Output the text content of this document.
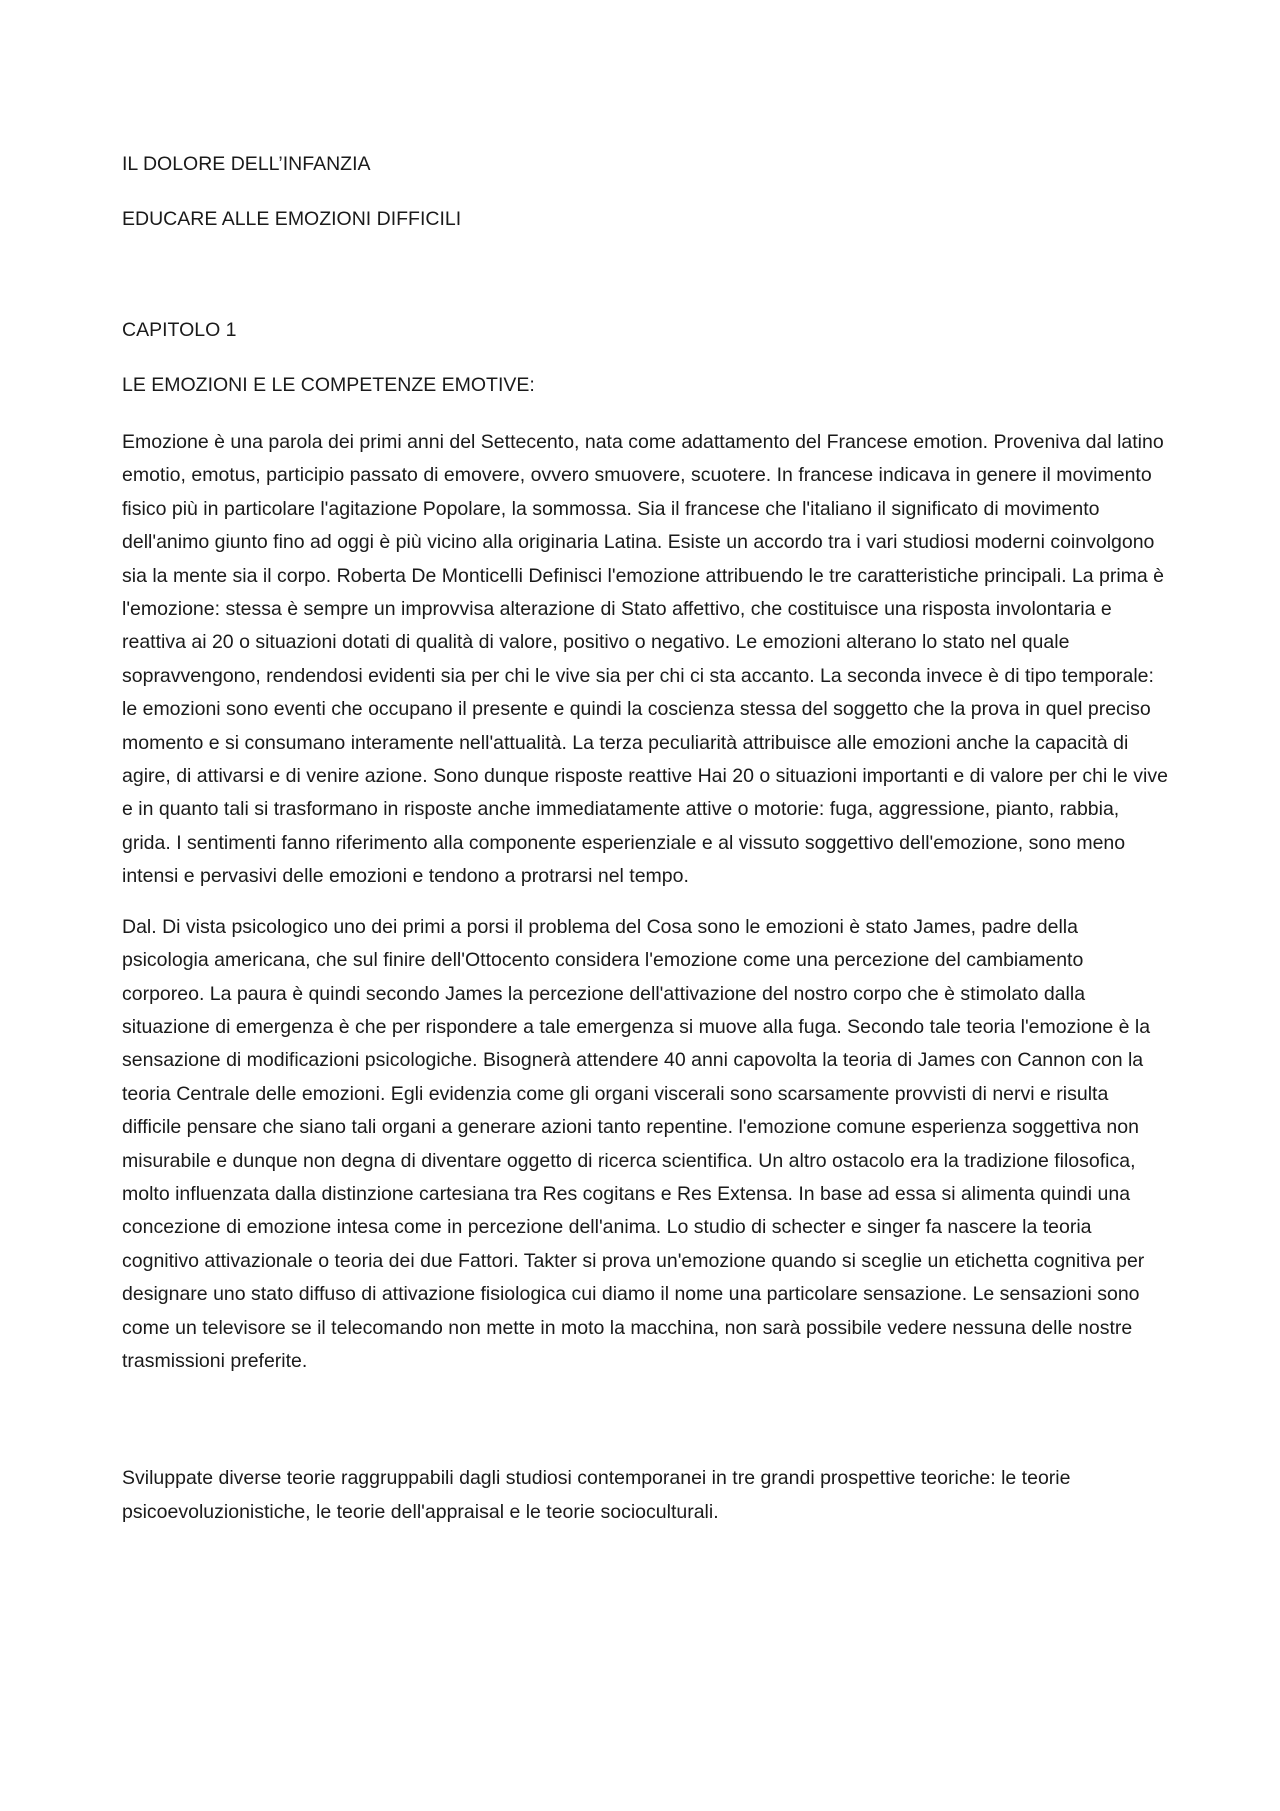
IL DOLORE DELL’INFANZIA
EDUCARE ALLE EMOZIONI DIFFICILI
CAPITOLO 1
LE EMOZIONI E LE COMPETENZE EMOTIVE:

Emozione è una parola dei primi anni del Settecento, nata come adattamento del Francese emotion. Proveniva dal latino emotio, emotus, participio passato di emovere, ovvero smuovere, scuotere. In francese indicava in genere il movimento fisico più in particolare l'agitazione Popolare, la sommossa. Sia il francese che l'italiano il significato di movimento dell'animo giunto fino ad oggi è più vicino alla originaria Latina. Esiste un accordo tra i vari studiosi moderni coinvolgono sia la mente sia il corpo. Roberta De Monticelli Definisci l'emozione attribuendo le tre caratteristiche principali. La prima è l'emozione: stessa è sempre un improvvisa alterazione di Stato affettivo, che costituisce una risposta involontaria e reattiva ai 20 o situazioni dotati di qualità di valore, positivo o negativo. Le emozioni alterano lo stato nel quale sopravvengono, rendendosi evidenti sia per chi le vive sia per chi ci sta accanto. La seconda invece è di tipo temporale: le emozioni sono eventi che occupano il presente e quindi la coscienza stessa del soggetto che la prova in quel preciso momento e si consumano interamente nell'attualità. La terza peculiarità attribuisce alle emozioni anche la capacità di agire, di attivarsi e di venire azione. Sono dunque risposte reattive Hai 20 o situazioni importanti e di valore per chi le vive e in quanto tali si trasformano in risposte anche immediatamente attive o motorie: fuga, aggressione, pianto, rabbia, grida. I sentimenti fanno riferimento alla componente esperienziale e al vissuto soggettivo dell'emozione, sono meno intensi e pervasivi delle emozioni e tendono a protrarsi nel tempo.

Dal. Di vista psicologico uno dei primi a porsi il problema del Cosa sono le emozioni è stato James, padre della psicologia americana, che sul finire dell'Ottocento considera l'emozione come una percezione del cambiamento corporeo. La paura è quindi secondo James la percezione dell'attivazione del nostro corpo che è stimolato dalla situazione di emergenza è che per rispondere a tale emergenza si muove alla fuga. Secondo tale teoria l'emozione è la sensazione di modificazioni psicologiche. Bisognerà attendere 40 anni capovolta la teoria di James con Cannon con la teoria Centrale delle emozioni. Egli evidenzia come gli organi viscerali sono scarsamente provvisti di nervi e risulta difficile pensare che siano tali organi a generare azioni tanto repentine. l'emozione comune esperienza soggettiva non misurabile e dunque non degna di diventare oggetto di ricerca scientifica. Un altro ostacolo era la tradizione filosofica, molto influenzata dalla distinzione cartesiana tra Res cogitans e Res Extensa. In base ad essa si alimenta quindi una concezione di emozione intesa come in percezione dell'anima. Lo studio di schecter e singer fa nascere la teoria cognitivo attivazionale o teoria dei due Fattori. Takter si prova un'emozione quando si sceglie un etichetta cognitiva per designare uno stato diffuso di attivazione fisiologica cui diamo il nome una particolare sensazione. Le sensazioni sono come un televisore se il telecomando non mette in moto la macchina, non sarà possibile vedere nessuna delle nostre trasmissioni preferite.

Sviluppate diverse teorie raggruppabili dagli studiosi contemporanei in tre grandi prospettive teoriche: le teorie psicoevoluzionistiche, le teorie dell'appraisal e le teorie socioculturali.
